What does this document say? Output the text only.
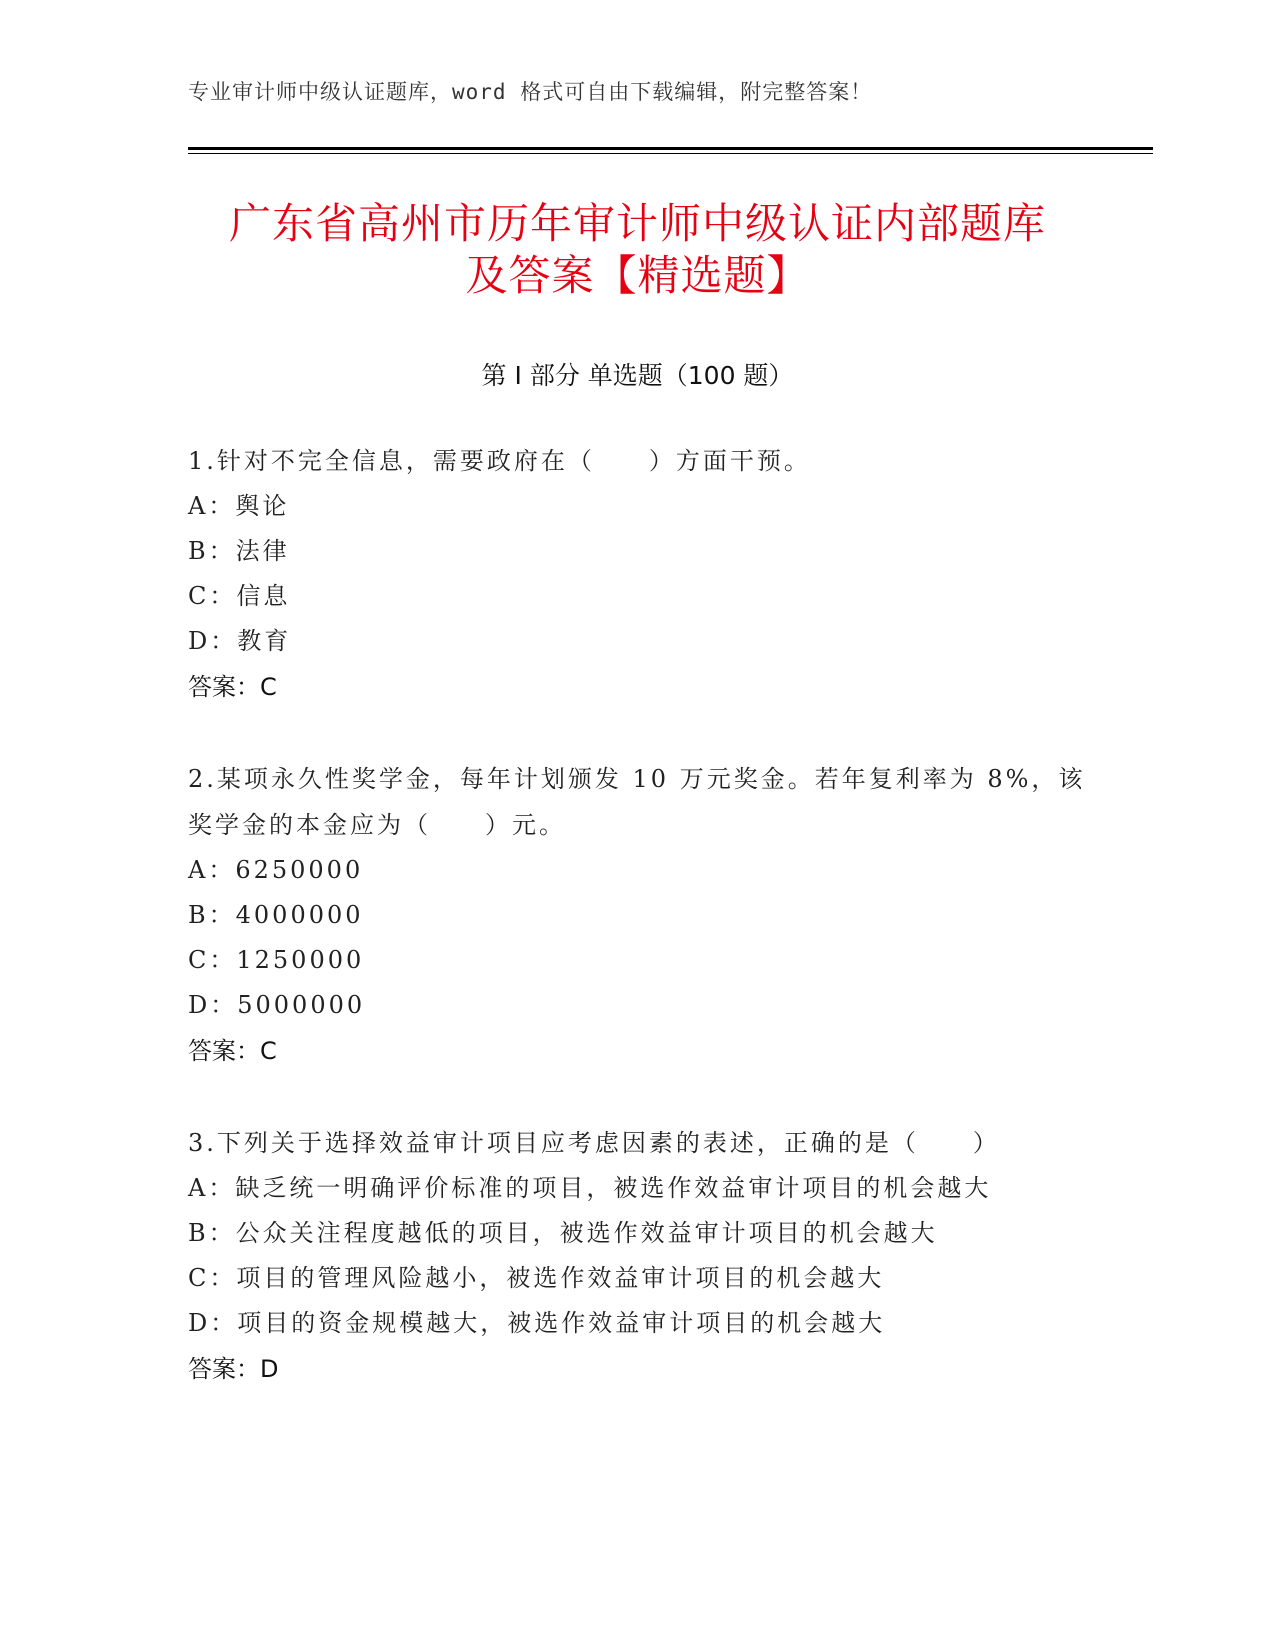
专业审计师中级认证题库，word 格式可自由下载编辑，附完整答案！
广东省高州市历年审计师中级认证内部题库
及答案【精选题】
第 I 部分 单选题（100 题）

1.针对不完全信息，需要政府在（　　）方面干预。

A：舆论

B：法律

C：信息

D：教育

答案：C

2.某项永久性奖学金，每年计划颁发 10 万元奖金。若年复利率为 8%，该奖学金的本金应为（　　）元。

A：6250000

B：4000000

C：1250000

D：5000000

答案：C

3.下列关于选择效益审计项目应考虑因素的表述，正确的是（　　）

A：缺乏统一明确评价标准的项目，被选作效益审计项目的机会越大

B：公众关注程度越低的项目，被选作效益审计项目的机会越大

C：项目的管理风险越小，被选作效益审计项目的机会越大

D：项目的资金规模越大，被选作效益审计项目的机会越大

答案：D
